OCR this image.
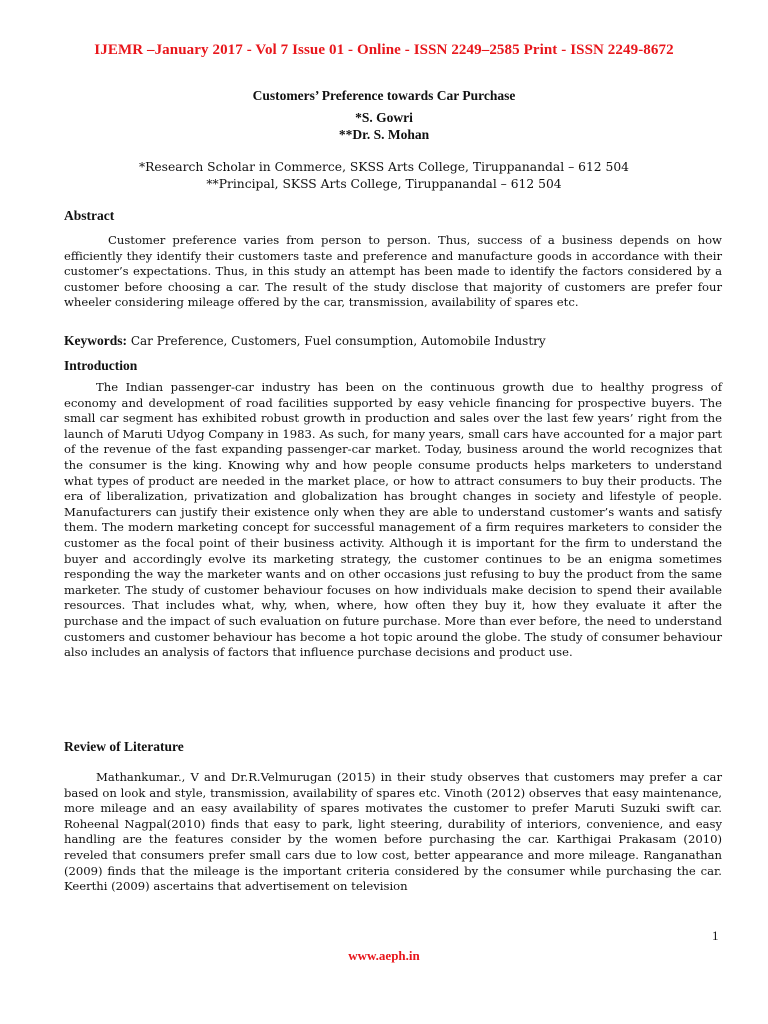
IJEMR –January 2017 - Vol 7 Issue 01 - Online - ISSN 2249–2585 Print - ISSN 2249-8672
Customers’ Preference towards Car Purchase
*S. Gowri
**Dr. S. Mohan
*Research Scholar in Commerce, SKSS Arts College, Tiruppanandal – 612 504
**Principal, SKSS Arts College, Tiruppanandal – 612 504
Abstract

Customer preference varies from person to person. Thus, success of a business depends on how efficiently they identify their customers taste and preference and manufacture goods in accordance with their customer’s expectations. Thus, in this study an attempt has been made to identify the factors considered by a customer before choosing a car. The result of the study disclose that majority of customers are prefer four wheeler considering mileage offered by the car, transmission, availability of spares etc.

Keywords: Car Preference, Customers, Fuel consumption, Automobile Industry
Introduction

The Indian passenger-car industry has been on the continuous growth due to healthy progress of economy and development of road facilities supported by easy vehicle financing for prospective buyers. The small car segment has exhibited robust growth in production and sales over the last few years’ right from the launch of Maruti Udyog Company in 1983. As such, for many years, small cars have accounted for a major part of the revenue of the fast expanding passenger-car market. Today, business around the world recognizes that the consumer is the king. Knowing why and how people consume products helps marketers to understand what types of product are needed in the market place, or how to attract consumers to buy their products. The era of liberalization, privatization and globalization has brought changes in society and lifestyle of people. Manufacturers can justify their existence only when they are able to understand customer’s wants and satisfy them. The modern marketing concept for successful management of a firm requires marketers to consider the customer as the focal point of their business activity. Although it is important for the firm to understand the buyer and accordingly evolve its marketing strategy, the customer continues to be an enigma sometimes responding the way the marketer wants and on other occasions just refusing to buy the product from the same marketer. The study of customer behaviour focuses on how individuals make decision to spend their available resources. That includes what, why, when, where, how often they buy it, how they evaluate it after the purchase and the impact of such evaluation on future purchase. More than ever before, the need to understand customers and customer behaviour has become a hot topic around the globe. The study of consumer behaviour also includes an analysis of factors that influence purchase decisions and product use.

Review of Literature

Mathankumar., V and Dr.R.Velmurugan (2015) in their study observes that customers may prefer a car based on look and style, transmission, availability of spares etc. Vinoth (2012) observes that easy maintenance, more mileage and an easy availability of spares motivates the customer to prefer Maruti Suzuki swift car. Roheenal Nagpal(2010) finds that easy to park, light steering, durability of interiors, convenience, and easy handling are the features consider by the women before purchasing the car. Karthigai Prakasam (2010) reveled that consumers prefer small cars due to low cost, better appearance and more mileage. Ranganathan (2009) finds that the mileage is the important criteria considered by the consumer while purchasing the car. Keerthi (2009) ascertains that advertisement on television

1
www.aeph.in
